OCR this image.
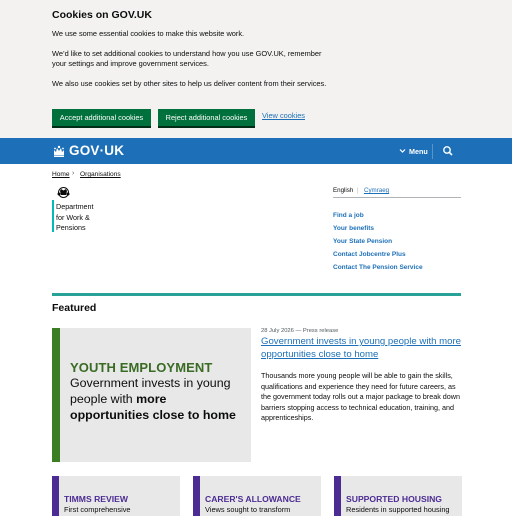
Cookies on GOV.UK
We use some essential cookies to make this website work.
We’d like to set additional cookies to understand how you use GOV.UK, remember your settings and improve government services.
We also use cookies set by other sites to help us deliver content from their services.
Accept additional cookies	Reject additional cookies	View cookies
GOV·UK	Menu
Home › Organisations
Department
for Work &
Pensions
English | Cymraeg
Find a job
Your benefits
Your State Pension
Contact Jobcentre Plus
Contact The Pension Service
Featured
YOUTH EMPLOYMENT
Government invests in young people with more opportunities close to home
28 July 2026 — Press release
Government invests in young people with more opportunities close to home
Thousands more young people will be able to gain the skills, qualifications and experience they need for future careers, as the government today rolls out a major package to break down barriers stopping access to technical education, training, and apprenticeships.
TIMMS REVIEW
First comprehensive
CARER'S ALLOWANCE
Views sought to transform
SUPPORTED HOUSING
Residents in supported housing
